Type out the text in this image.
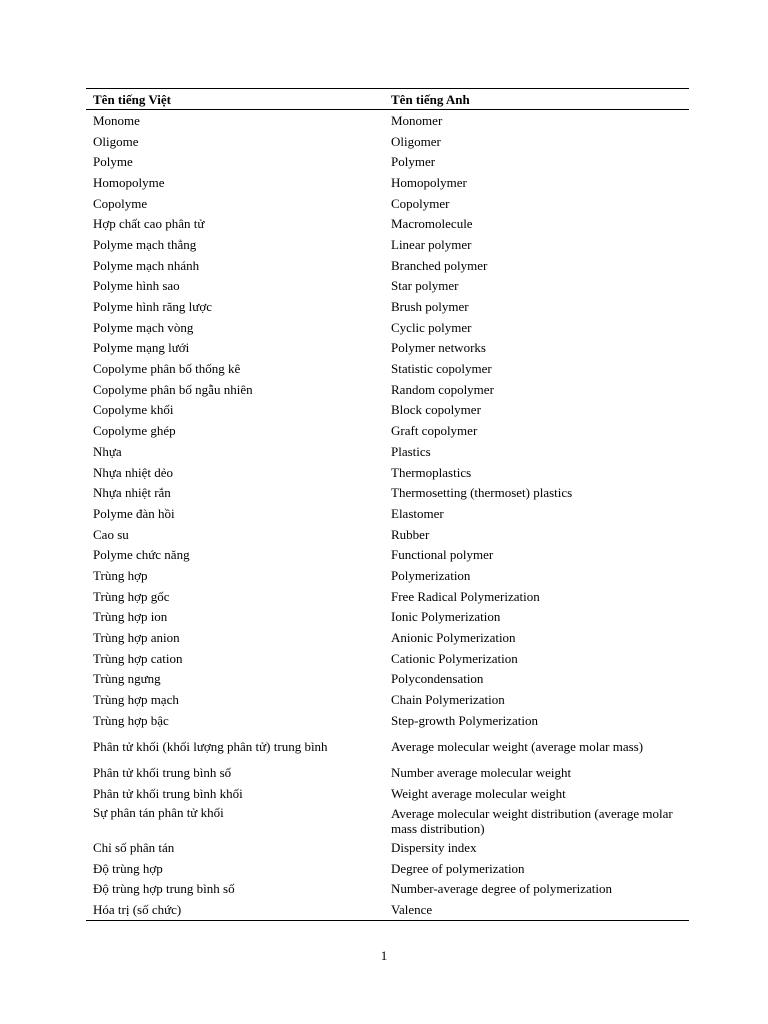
Tên tiếng Việt	Tên tiếng Anh
Monome	Monomer
Oligome	Oligomer
Polyme	Polymer
Homopolyme	Homopolymer
Copolyme	Copolymer
Hợp chất cao phân tử	Macromolecule
Polyme mạch thẳng	Linear polymer
Polyme mạch nhánh	Branched polymer
Polyme hình sao	Star polymer
Polyme hình răng lược	Brush polymer
Polyme mạch vòng	Cyclic polymer
Polyme mạng lưới	Polymer networks
Copolyme phân bố thống kê	Statistic copolymer
Copolyme phân bố ngẫu nhiên	Random copolymer
Copolyme khối	Block copolymer
Copolyme ghép	Graft copolymer
Nhựa	Plastics
Nhựa nhiệt dẻo	Thermoplastics
Nhựa nhiệt rắn	Thermosetting (thermoset) plastics
Polyme đàn hồi	Elastomer
Cao su	Rubber
Polyme chức năng	Functional polymer
Trùng hợp	Polymerization
Trùng hợp gốc	Free Radical Polymerization
Trùng hợp ion	Ionic Polymerization
Trùng hợp anion	Anionic Polymerization
Trùng hợp cation	Cationic Polymerization
Trùng ngưng	Polycondensation
Trùng hợp mạch	Chain Polymerization
Trùng hợp bậc	Step-growth Polymerization
Phân tử khối (khối lượng phân tử) trung bình	Average molecular weight (average molar mass)
Phân tử khối trung bình số	Number average molecular weight
Phân tử khối trung bình khối	Weight average molecular weight
Sự phân tán phân tử khối	Average molecular weight distribution (average molar mass distribution)
Chỉ số phân tán	Dispersity index
Độ trùng hợp	Degree of polymerization
Độ trùng hợp trung bình số	Number-average degree of polymerization
Hóa trị (số chức)	Valence
1
